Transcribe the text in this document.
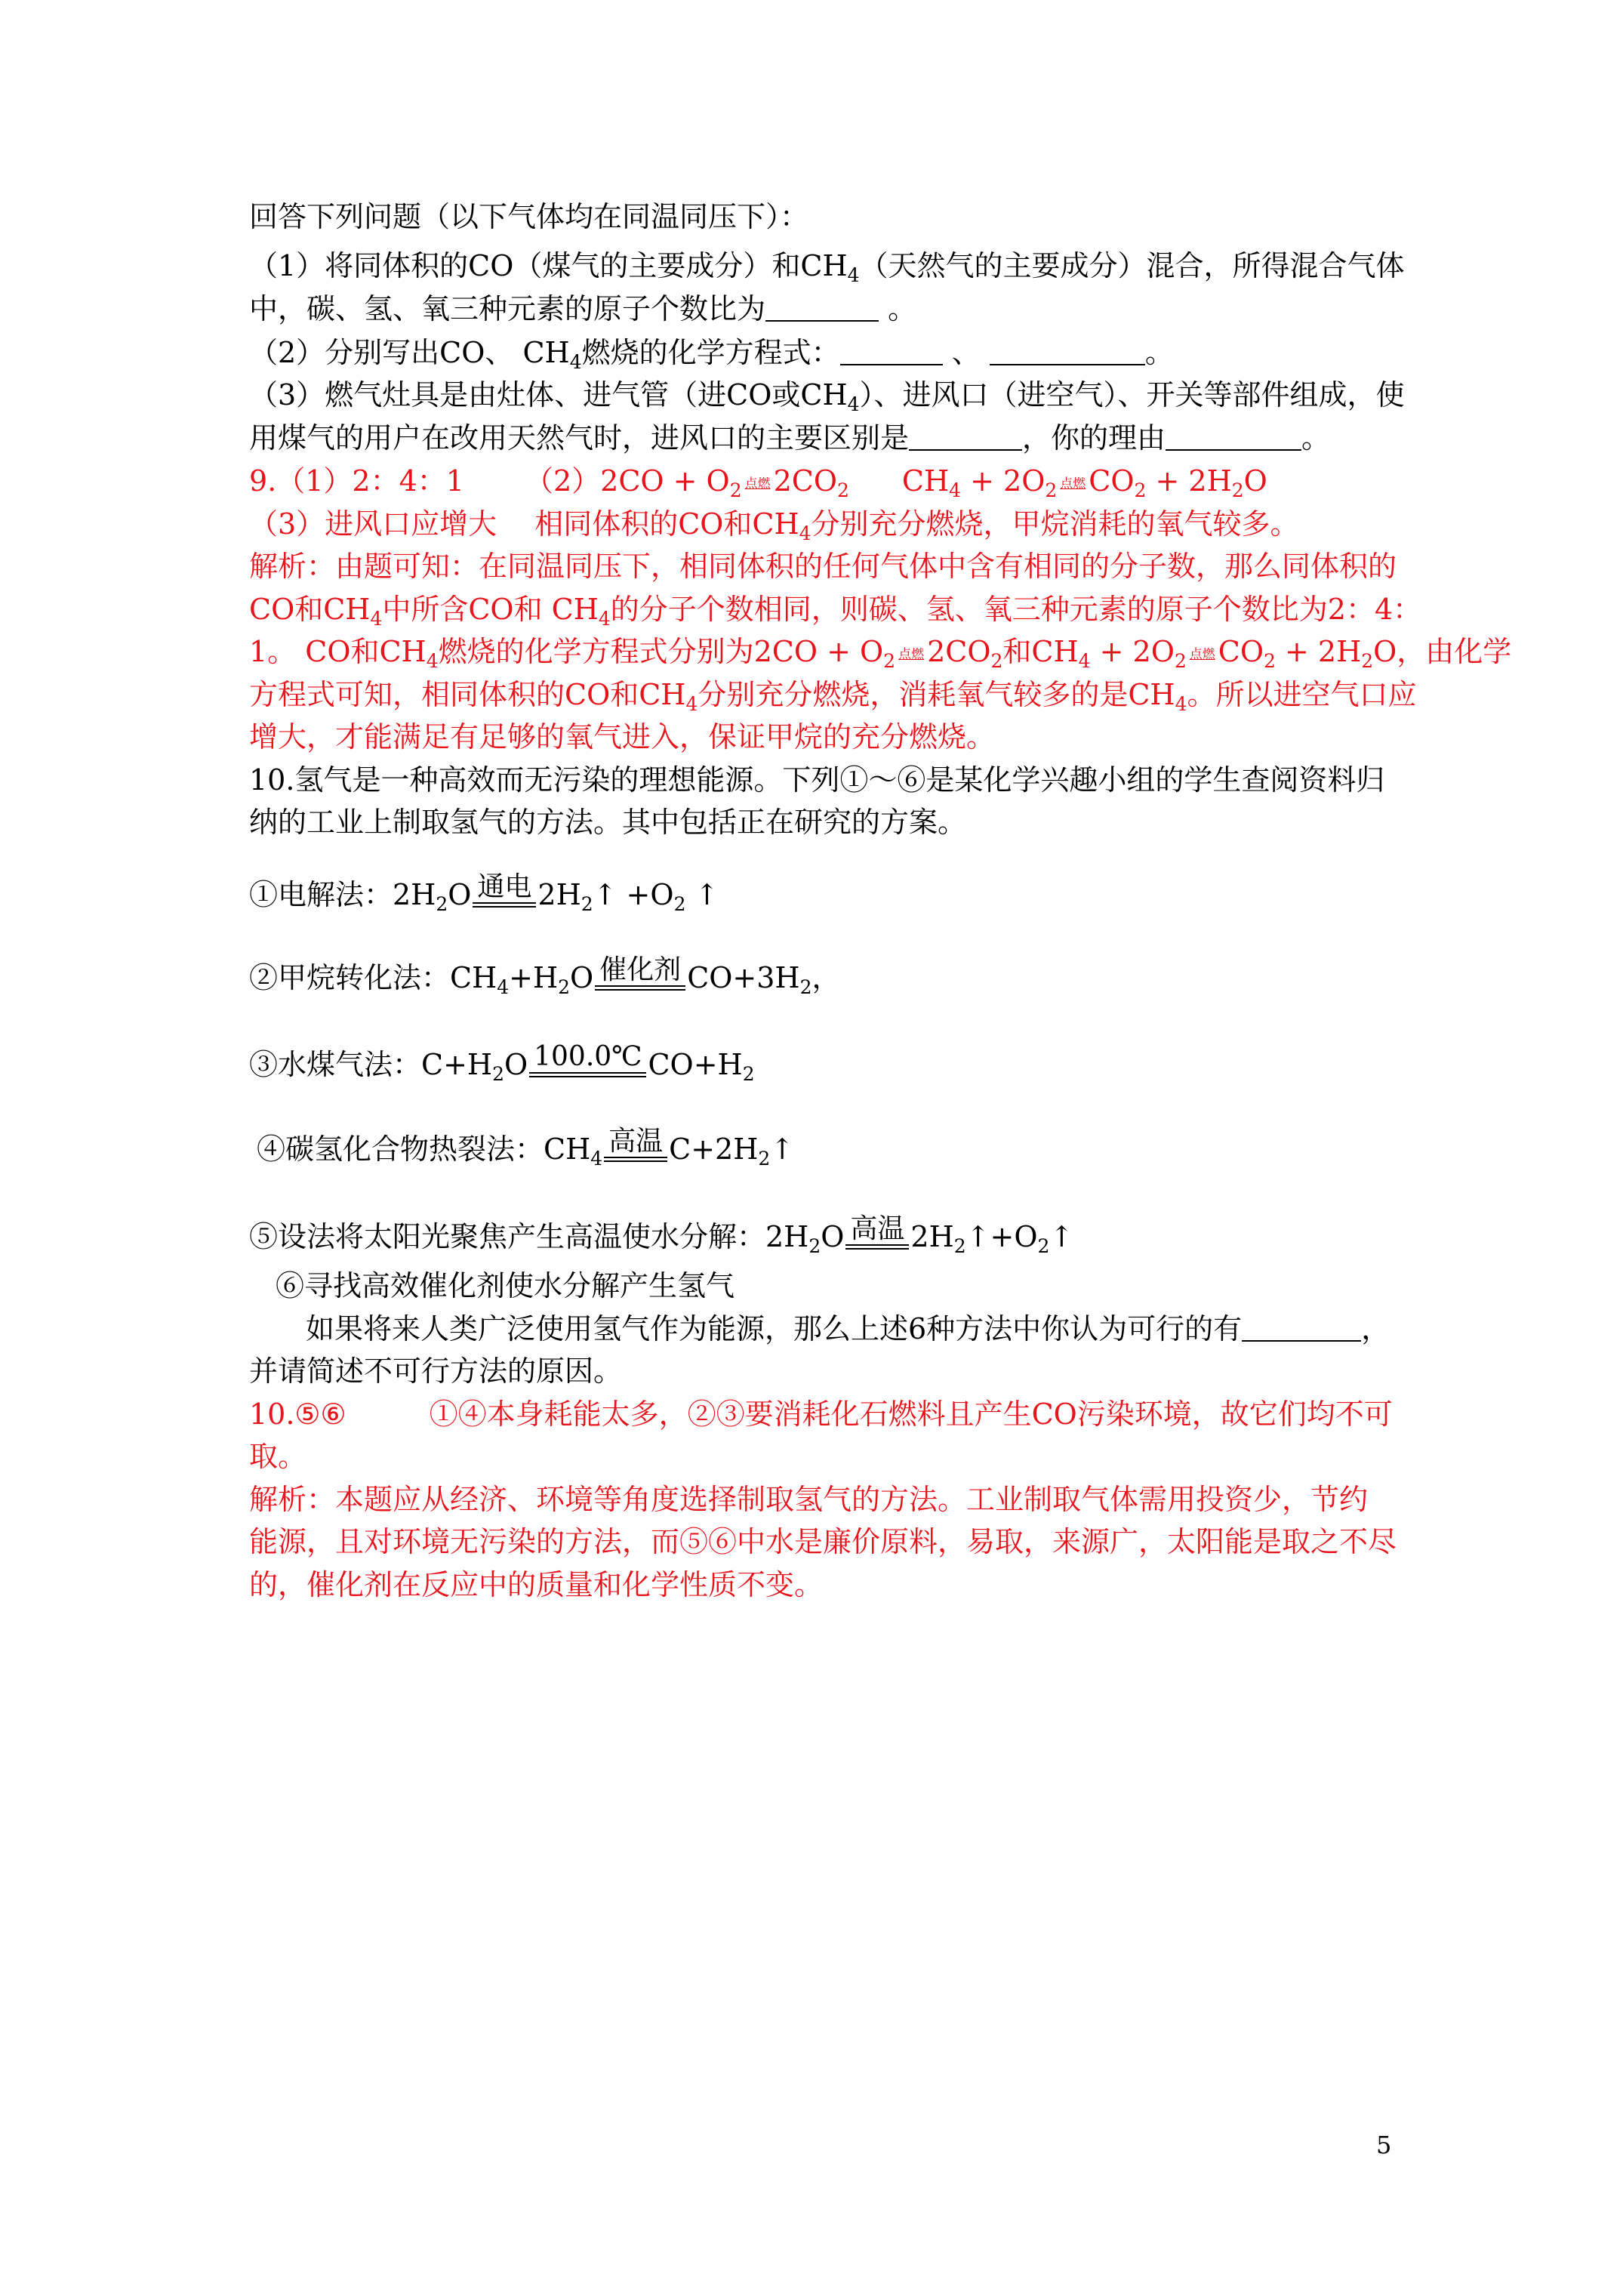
回答下列问题（以下气体均在同温同压下）：
（1）将同体积的CO（煤气的主要成分）和$CH_4$（天然气的主要成分）混合，所得混合气体
中，碳、氢、氧三种元素的原子个数比为	。
（2）分别写出CO、 $CH_4$燃烧的化学方程式：	、	。
（3）燃气灶具是由灶体、进气管（进CO或$CH_4$）、进风口（进空气）、开关等部件组成，使
用煤气的用户在改用天然气时，进风口的主要区别是	，你的理由	。
9.（1）2：4：1 $(2)2CO + O_2$ 点燃 $2CO_2$ $CH_4 + 2O_2$ 点燃 $CO_2 + 2H_2O$
（3）进风口应增大 相同体积的CO和$CH_4$分别充分燃烧，甲烷消耗的氧气较多。
解析：由题可知：在同温同压下，相同体积的任何气体中含有相同的分子数，那么同体积的
CO和$CH_4$中所含CO和 $CH_4$的分子个数相同，则碳、氢、氧三种元素的原子个数比为2：4：
1。 CO和$CH_4$燃烧的化学方程式分别为$2CO + O_2$ 点燃 $2CO_2$和$CH_4 + 2O_2$ 点燃 $CO_2 + 2H_2O$，由化学
方程式可知，相同体积的CO和$CH_4$分别充分燃烧，消耗氧气较多的是$CH_4$。所以进空气口应
增大，才能满足有足够的氧气进入，保证甲烷的充分燃烧。
10.氢气是一种高效而无污染的理想能源。下列①～⑥是某化学兴趣小组的学生查阅资料归
纳的工业上制取氢气的方法。其中包括正在研究的方案。
①电解法：$2H_2O$ 通电 $2H_2↑ +O_2$ ↑
②甲烷转化法：$CH_4+H_2O$ 催化剂 $CO+3H_2$，
③水煤气法：$C+H_2O$ 100.0℃ $CO+H_2$
④碳氢化合物热裂法：$CH_4$
高温 $C+2H_2↑$
⑤设法将太阳光聚焦产生高温使水分解：$2H_2O$ 高温 $2H_2↑+O_2↑$
⑥寻找高效催化剂使水分解产生氢气
如果将来人类广泛使用氢气作为能源，那么上述6种方法中你认为可行的有	，
并请简述不可行方法的原因。
10.⑤⑥	①④本身耗能太多，②③要消耗化石燃料且产生CO污染环境，故它们均不可
取。
解析：本题应从经济、环境等角度选择制取氢气的方法。工业制取气体需用投资少，节约
能源，且对环境无污染的方法，而⑤⑥中水是廉价原料，易取，来源广，太阳能是取之不尽
的，催化剂在反应中的质量和化学性质不变。
5
